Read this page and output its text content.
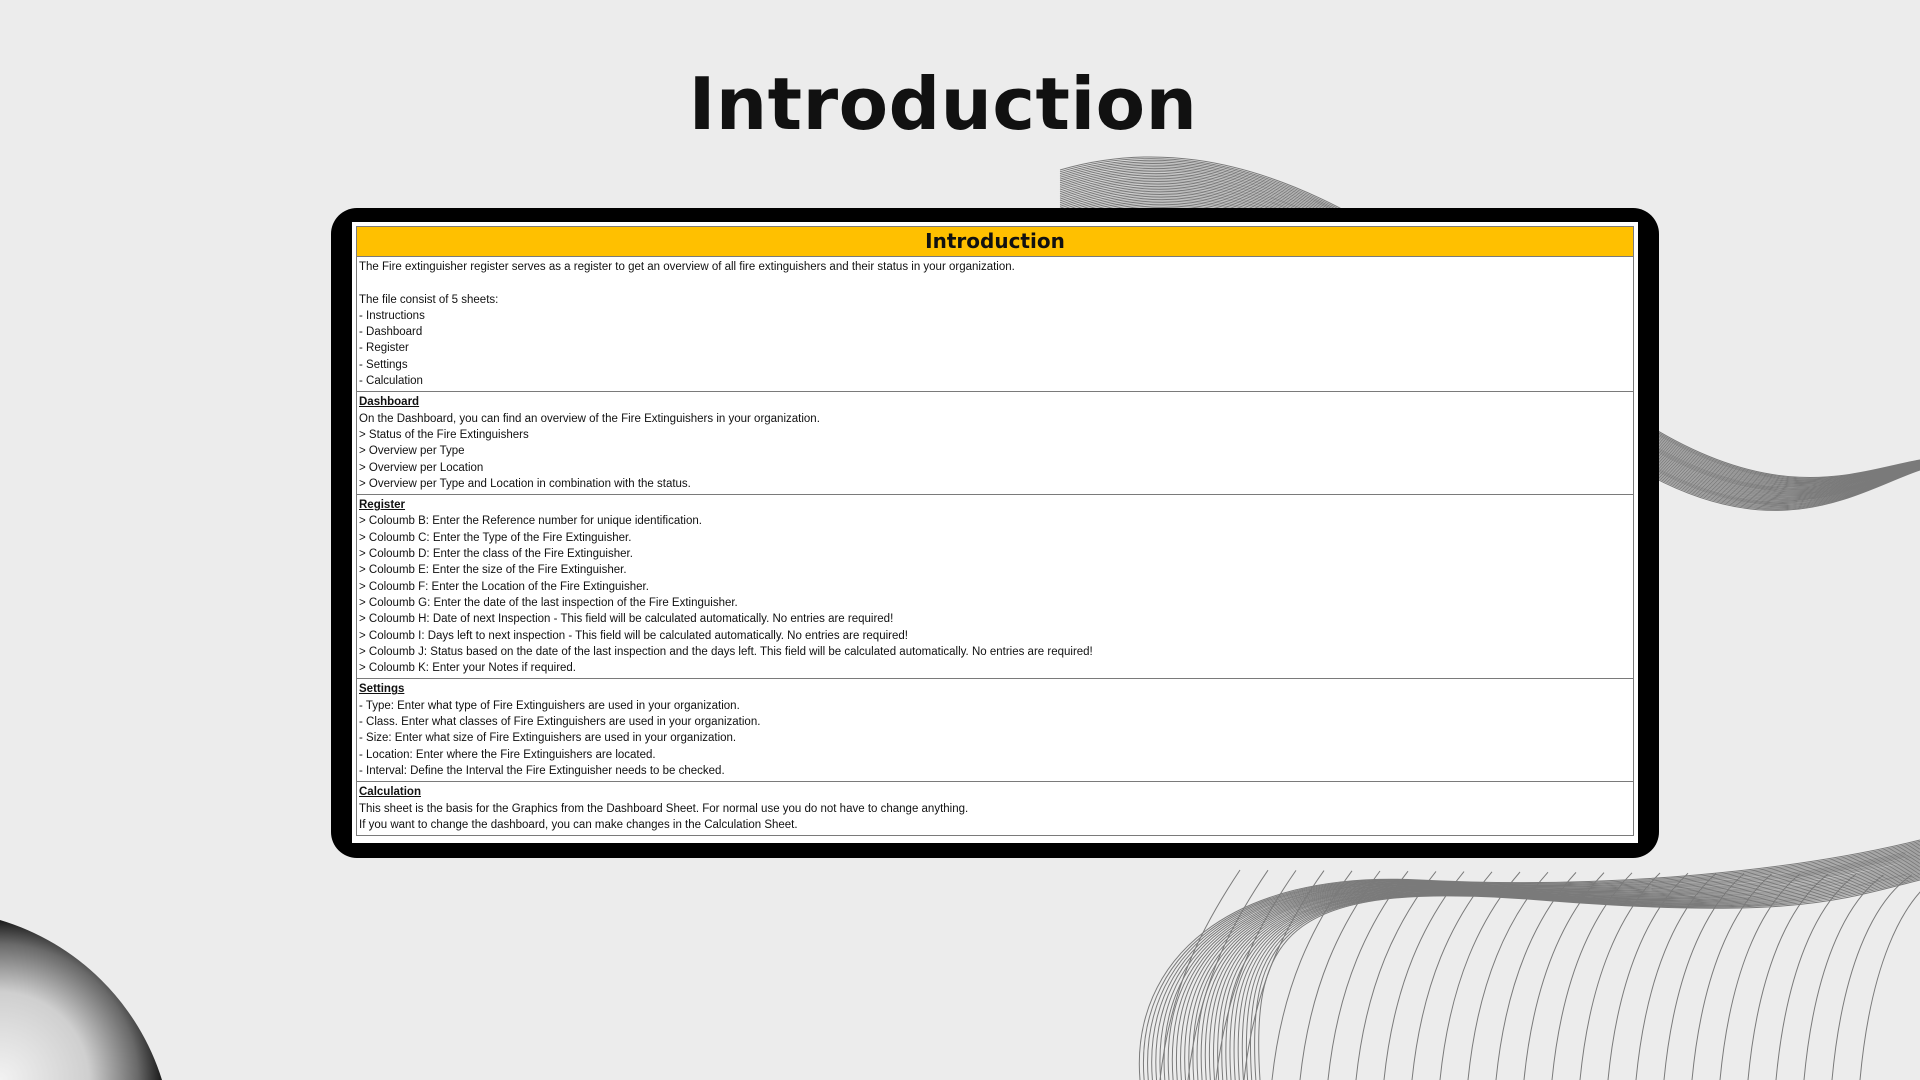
Introduction
Introduction
The Fire extinguisher register serves as a register to get an overview of all fire extinguishers and their status in your organization.
The file consist of 5 sheets:
- Instructions
- Dashboard
- Register
- Settings
- Calculation
Dashboard
On the Dashboard, you can find an overview of the Fire Extinguishers in your organization.
> Status of the Fire Extinguishers
> Overview per Type
> Overview per Location
> Overview per Type and Location in combination with the status.
Register
> Coloumb B: Enter the Reference number for unique identification.
> Coloumb C: Enter the Type of the Fire Extinguisher.
> Coloumb D: Enter the class of the Fire Extinguisher.
> Coloumb E: Enter the size of the Fire Extinguisher.
> Coloumb F: Enter the Location of the Fire Extinguisher.
> Coloumb G: Enter the date of the last inspection of the Fire Extinguisher.
> Coloumb H: Date of next Inspection - This field will be calculated automatically. No entries are required!
> Coloumb I: Days left to next inspection - This field will be calculated automatically. No entries are required!
> Coloumb J: Status based on the date of the last inspection and the days left. This field will be calculated automatically. No entries are required!
> Coloumb K: Enter your Notes if required.
Settings
- Type: Enter what type of Fire Extinguishers are used in your organization.
- Class. Enter what classes of Fire Extinguishers are used in your organization.
- Size: Enter what size of Fire Extinguishers are used in your organization.
- Location: Enter where the Fire Extinguishers are located.
- Interval: Define the Interval the Fire Extinguisher needs to be checked.
Calculation
This sheet is the basis for the Graphics from the Dashboard Sheet. For normal use you do not have to change anything.
If you want to change the dashboard, you can make changes in the Calculation Sheet.
